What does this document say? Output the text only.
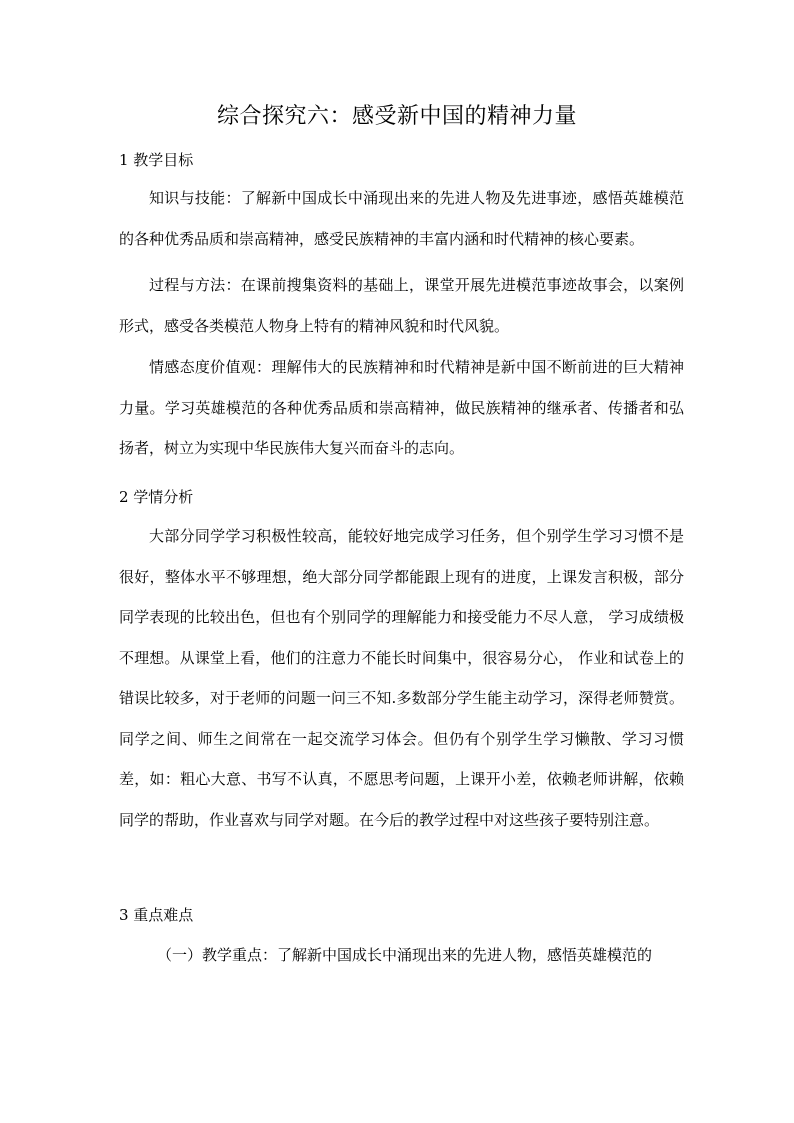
综合探究六：感受新中国的精神力量
1 教学目标
知识与技能：了解新中国成长中涌现出来的先进人物及先进事迹，感悟英雄模范的各种优秀品质和崇高精神，感受民族精神的丰富内涵和时代精神的核心要素。
过程与方法：在课前搜集资料的基础上，课堂开展先进模范事迹故事会，以案例形式，感受各类模范人物身上特有的精神风貌和时代风貌。
情感态度价值观：理解伟大的民族精神和时代精神是新中国不断前进的巨大精神力量。学习英雄模范的各种优秀品质和崇高精神，做民族精神的继承者、传播者和弘扬者，树立为实现中华民族伟大复兴而奋斗的志向。
2 学情分析
大部分同学学习积极性较高，能较好地完成学习任务，但个别学生学习习惯不是很好，整体水平不够理想，绝大部分同学都能跟上现有的进度，上课发言积极，部分同学表现的比较出色，但也有个别同学的理解能力和接受能力不尽人意， 学习成绩极不理想。从课堂上看，他们的注意力不能长时间集中，很容易分心， 作业和试卷上的错误比较多，对于老师的问题一问三不知.多数部分学生能主动学习，深得老师赞赏。同学之间、师生之间常在一起交流学习体会。但仍有个别学生学习懒散、学习习惯差，如：粗心大意、书写不认真，不愿思考问题，上课开小差，依赖老师讲解，依赖同学的帮助，作业喜欢与同学对题。在今后的教学过程中对这些孩子要特别注意。
3 重点难点
（一）教学重点：了解新中国成长中涌现出来的先进人物，感悟英雄模范的
